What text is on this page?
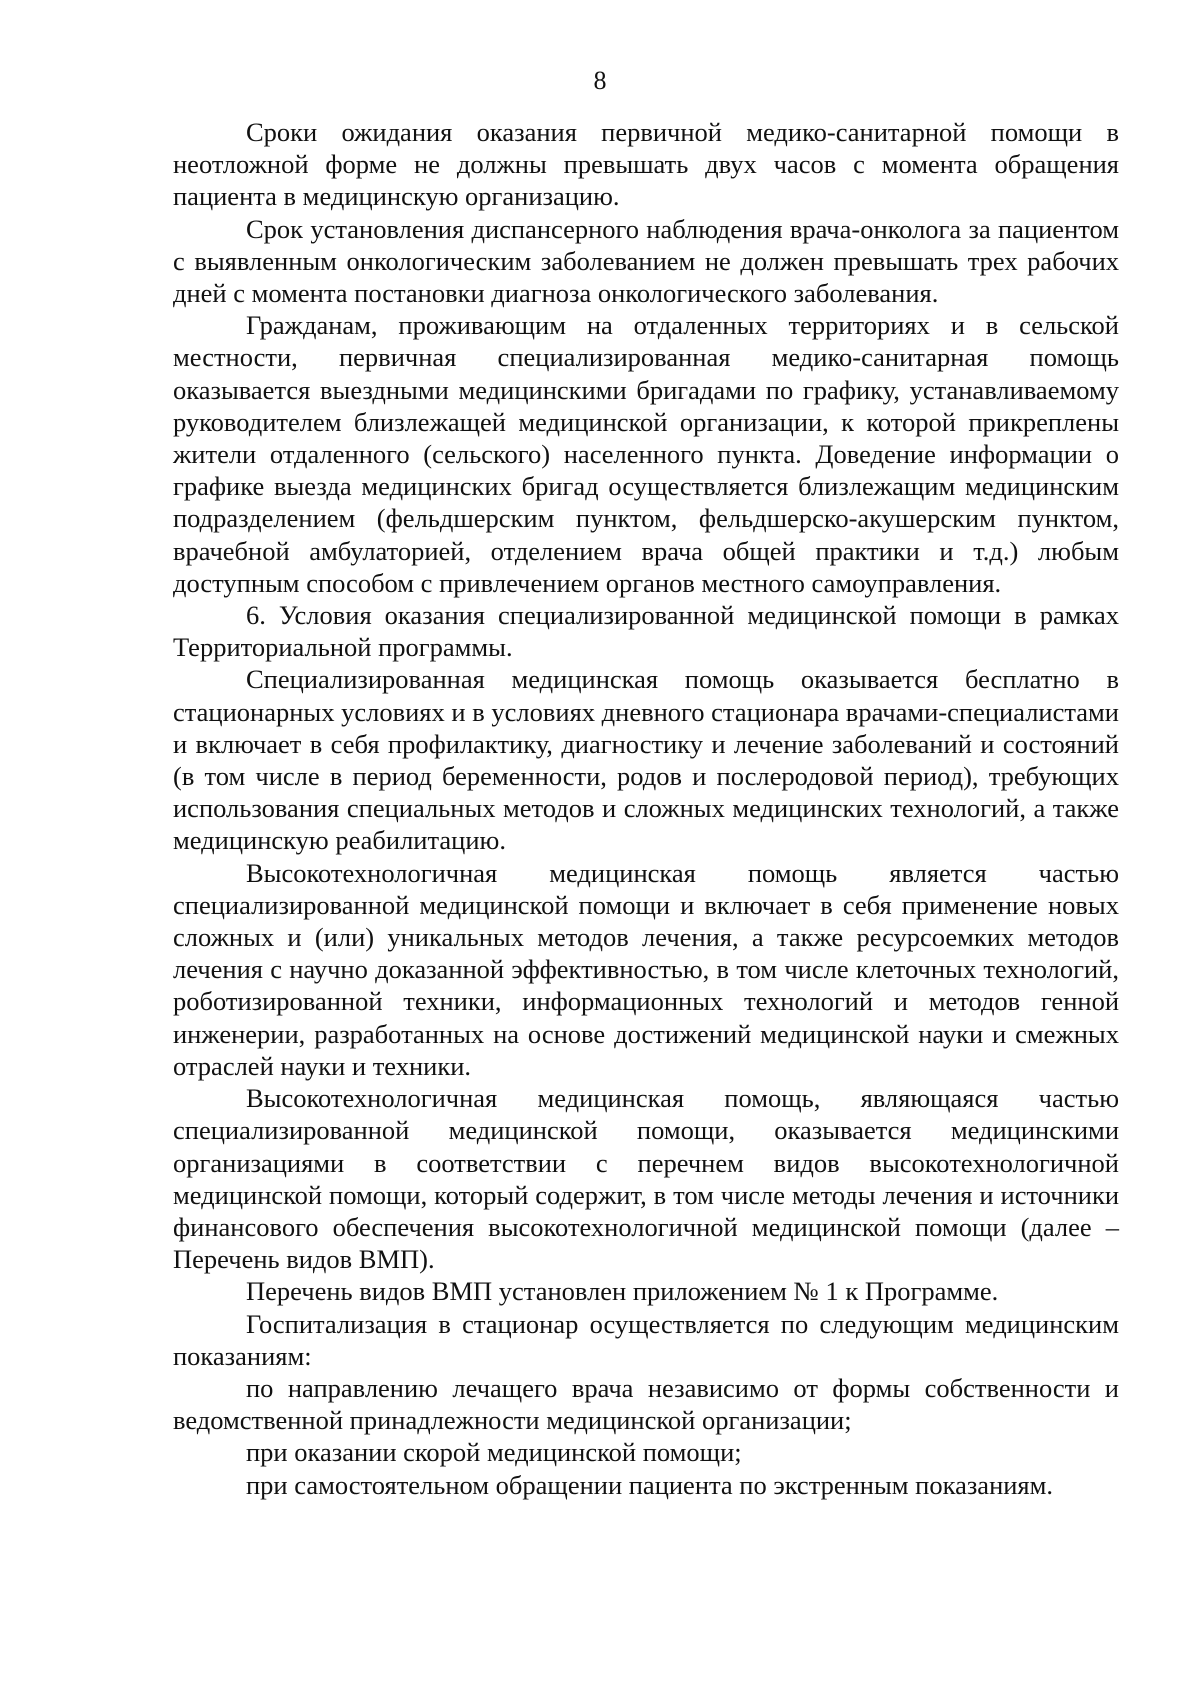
8

Сроки ожидания оказания первичной медико-санитарной помощи в неотложной форме не должны превышать двух часов с момента обращения пациента в медицинскую организацию.

Срок установления диспансерного наблюдения врача-онколога за пациентом с выявленным онкологическим заболеванием не должен превышать трех рабочих дней с момента постановки диагноза онкологического заболевания.

Гражданам, проживающим на отдаленных территориях и в сельской местности, первичная специализированная медико-санитарная помощь оказывается выездными медицинскими бригадами по графику, устанавливаемому руководителем близлежащей медицинской организации, к которой прикреплены жители отдаленного (сельского) населенного пункта. Доведение информации о графике выезда медицинских бригад осуществляется близлежащим медицинским подразделением (фельдшерским пунктом, фельдшерско-акушерским пунктом, врачебной амбулаторией, отделением врача общей практики и т.д.) любым доступным способом с привлечением органов местного самоуправления.

6. Условия оказания специализированной медицинской помощи в рамках Территориальной программы.

Специализированная медицинская помощь оказывается бесплатно в стационарных условиях и в условиях дневного стационара врачами-специалистами и включает в себя профилактику, диагностику и лечение заболеваний и состояний (в том числе в период беременности, родов и послеродовой период), требующих использования специальных методов и сложных медицинских технологий, а также медицинскую реабилитацию.

Высокотехнологичная медицинская помощь является частью специализированной медицинской помощи и включает в себя применение новых сложных и (или) уникальных методов лечения, а также ресурсоемких методов лечения с научно доказанной эффективностью, в том числе клеточных технологий, роботизированной техники, информационных технологий и методов генной инженерии, разработанных на основе достижений медицинской науки и смежных отраслей науки и техники.

Высокотехнологичная медицинская помощь, являющаяся частью специализированной медицинской помощи, оказывается медицинскими организациями в соответствии с перечнем видов высокотехнологичной медицинской помощи, который содержит, в том числе методы лечения и источники финансового обеспечения высокотехнологичной медицинской помощи (далее – Перечень видов ВМП).

Перечень видов ВМП установлен приложением № 1 к Программе.

Госпитализация в стационар осуществляется по следующим медицинским показаниям:

по направлению лечащего врача независимо от формы собственности и ведомственной принадлежности медицинской организации;

при оказании скорой медицинской помощи;

при самостоятельном обращении пациента по экстренным показаниям.
